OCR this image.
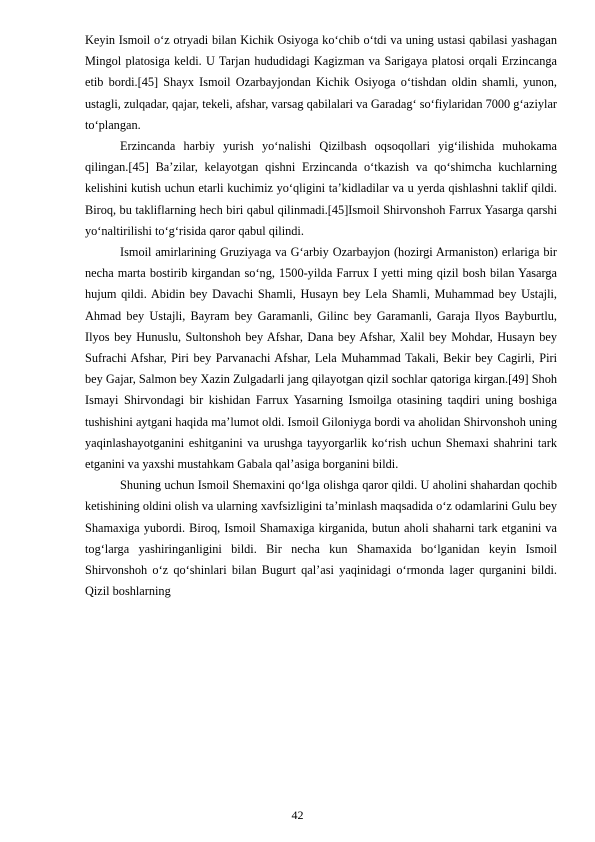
Keyin Ismoil o‘z otryadi bilan Kichik Osiyoga ko‘chib o‘tdi va uning ustasi qabilasi yashagan Mingol platosiga keldi. U Tarjan hududidagi Kagizman va Sarigaya platosi orqali Erzincanga etib bordi.[45] Shayx Ismoil Ozarbayjondan Kichik Osiyoga o‘tishdan oldin shamli, yunon, ustagli, zulqadar, qajar, tekeli, afshar, varsag qabilalari va Garadag‘ so‘fiylaridan 7000 g‘aziylar to‘plangan.

Erzincanda harbiy yurish yo‘nalishi Qizilbash oqsoqollari yig‘ilishida muhokama qilingan.[45] Ba’zilar, kelayotgan qishni Erzincanda o‘tkazish va qo‘shimcha kuchlarning kelishini kutish uchun etarli kuchimiz yo‘qligini ta’kidladilar va u yerda qishlashni taklif qildi. Biroq, bu takliflarning hech biri qabul qilinmadi.[45]Ismoil Shirvonshoh Farrux Yasarga qarshi yo‘naltirilishi to‘g‘risida qaror qabul qilindi.

Ismoil amirlarining Gruziyaga va G‘arbiy Ozarbayjon (hozirgi Armaniston) erlariga bir necha marta bostirib kirgandan so‘ng, 1500-yilda Farrux I yetti ming qizil bosh bilan Yasarga hujum qildi. Abidin bey Davachi Shamli, Husayn bey Lela Shamli, Muhammad bey Ustajli, Ahmad bey Ustajli, Bayram bey Garamanli, Gilinc bey Garamanli, Garaja Ilyos Bayburtlu, Ilyos bey Hunuslu, Sultonshoh bey Afshar, Dana bey Afshar, Xalil bey Mohdar, Husayn bey Sufrachi Afshar, Piri bey Parvanachi Afshar, Lela Muhammad Takali, Bekir bey Cagirli, Piri bey Gajar, Salmon bey Xazin Zulgadarli jang qilayotgan qizil sochlar qatoriga kirgan.[49] Shoh Ismayi Shirvondagi bir kishidan Farrux Yasarning Ismoilga otasining taqdiri uning boshiga tushishini aytgani haqida ma’lumot oldi. Ismoil Giloniyga bordi va aholidan Shirvonshoh uning yaqinlashayotganini eshitganini va urushga tayyorgarlik ko‘rish uchun Shemaxi shahrini tark etganini va yaxshi mustahkam Gabala qal’asiga borganini bildi.

Shuning uchun Ismoil Shemaxini qo‘lga olishga qaror qildi. U aholini shahardan qochib ketishining oldini olish va ularning xavfsizligini ta’minlash maqsadida o‘z odamlarini Gulu bey Shamaxiga yubordi. Biroq, Ismoil Shamaxiga kirganida, butun aholi shaharni tark etganini va tog‘larga yashiringanligini bildi. Bir necha kun Shamaxida bo‘lganidan keyin Ismoil Shirvonshoh o‘z qo‘shinlari bilan Bugurt qal’asi yaqinidagi o‘rmonda lager qurganini bildi. Qizil boshlarning

42
